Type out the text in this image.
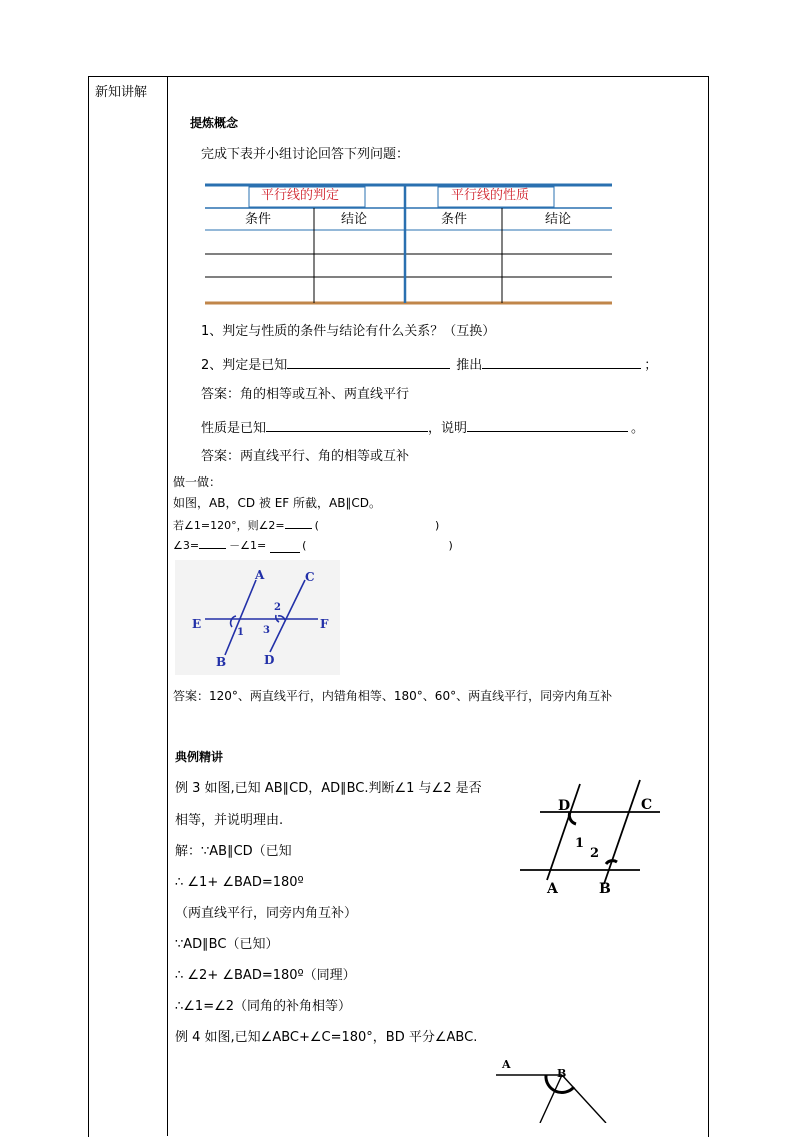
新知讲解
提炼概念
完成下表并小组讨论回答下列问题：
平行线的判定	平行线的性质
条件	结论	条件	结论
1、判定与性质的条件与结论有什么关系？（互换）
2、判定是已知	推出	；
答案：角的相等或互补、两直线平行
性质是已知	，说明	。
答案：两直线平行、角的相等或互补
做一做：
如图，AB，CD 被 EF 所截，AB∥CD。
若∠1=120°，则∠2=	(	)
∠3=	－∠1=	(	)
A	C
E	F
B	D
1
2
3
答案：120°、两直线平行，内错角相等、180°、60°、两直线平行，同旁内角互补
典例精讲
例 3 如图,已知 AB∥CD，AD∥BC.判断∠1 与∠2 是否
相等，并说明理由.
解：∵AB∥CD（已知
∴ ∠1+ ∠BAD=180º
（两直线平行，同旁内角互补）
∵AD∥BC（已知）
∴ ∠2+ ∠BAD=180º（同理）
∴∠1=∠2（同角的补角相等）
例 4 如图,已知∠ABC+∠C=180°，BD 平分∠ABC.
D	C
A	B
1
2
A
B
